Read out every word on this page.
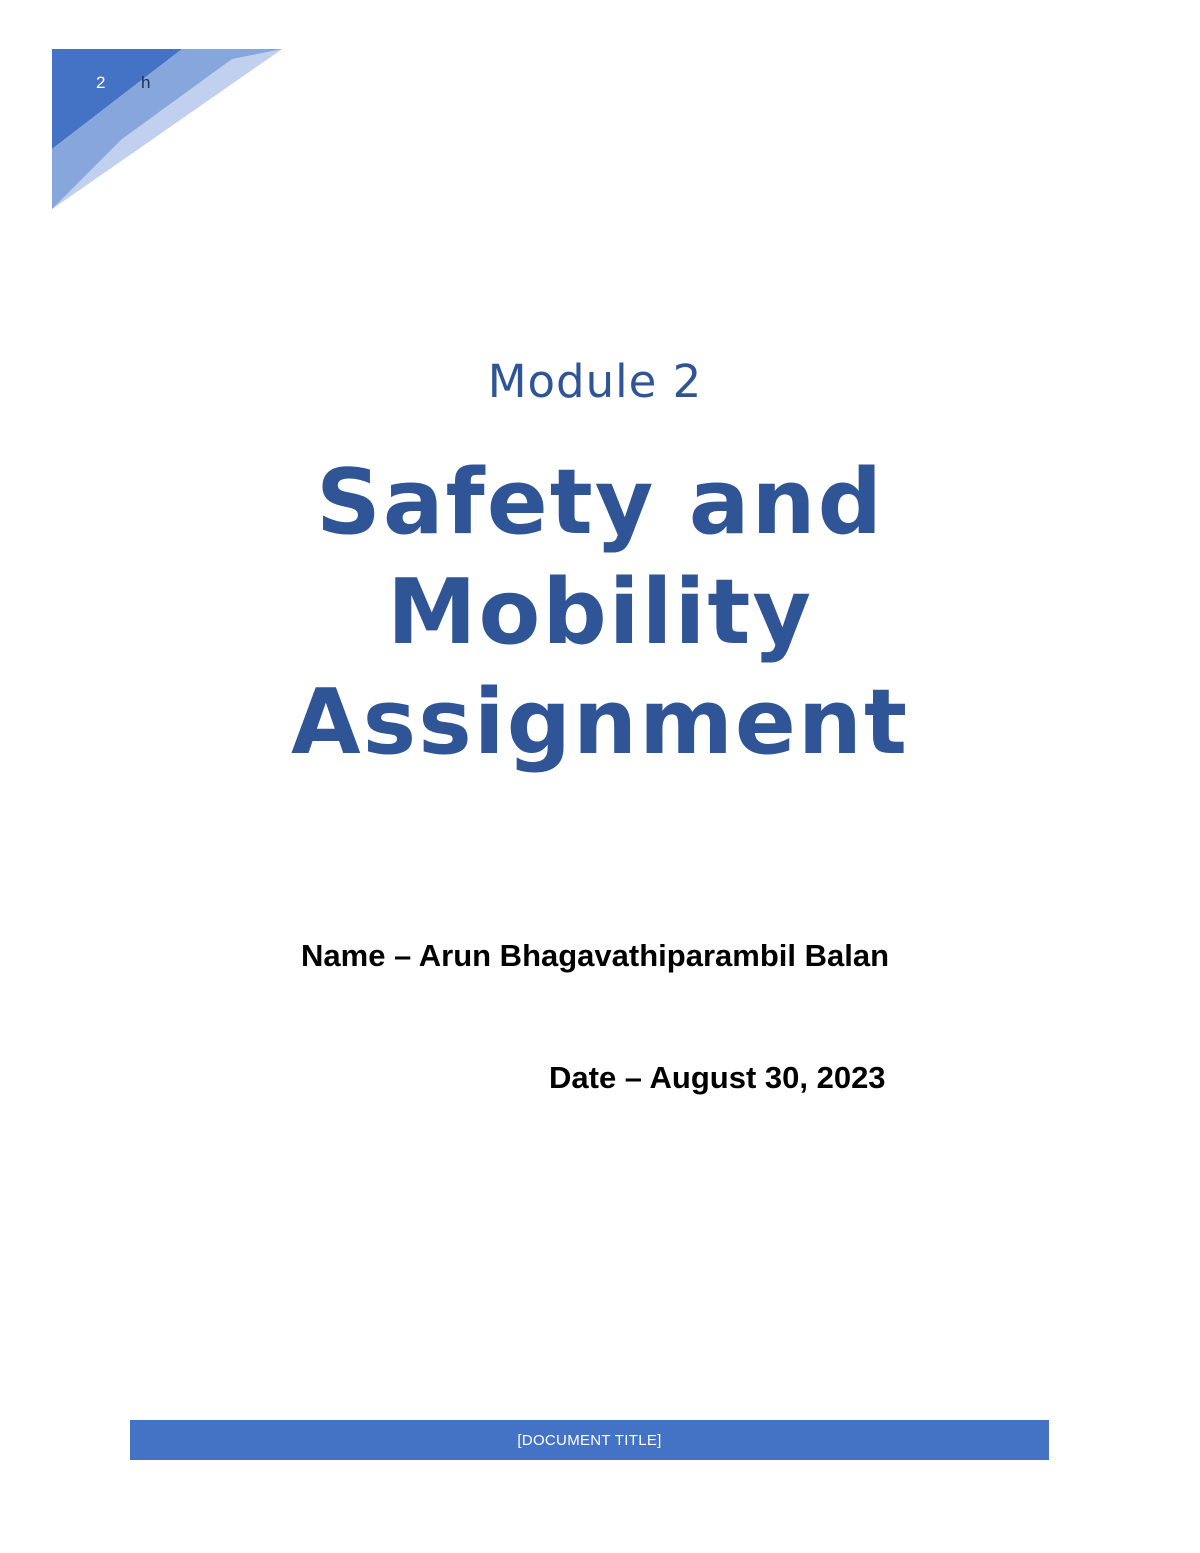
2 h
Module 2
Safety and
Mobility
Assignment
Name – Arun Bhagavathiparambil Balan
Date – August 30, 2023
[DOCUMENT TITLE]
